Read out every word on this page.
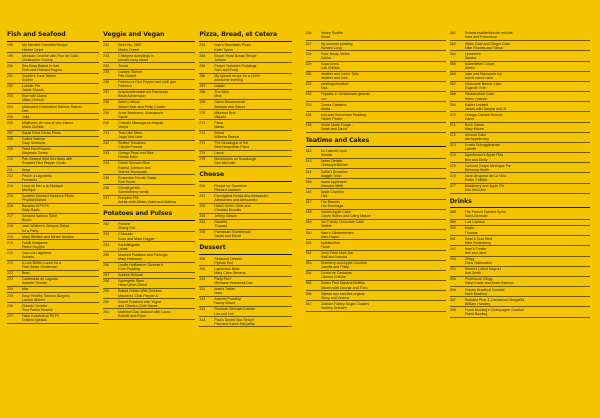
Fish and Seafood
198	My Monster Cannibal Recipe
Hélène Delpé
199	Mexican Ceviche with Pico de Gallo
Christopher Conroy
200	Sea Bass Baked in Salt
Ruth and Richard Rogers
201	Sophie's Tuna Tartare
Sophie
202	Lobster Pie
Jamie Shears
203	Roe with Clams
Milan Chilhole
204	Marinated Celebration Salmon Ramen
Dee
205	Julia
206	Mejillones de roca al vino blanco
Maria Chillida
207	Squid Fried Cedar Plank
208	Grilled Salmon
Gary Simmons
209	Fried Red Prawns
Alejandro Torres
210	Pan-Seared Wild Sea Bass with
Roasted Red Pepper Coulis
211	Anya
212	Pesce a Lagunetta
Fernando
214	Loup de Mer a la Monique
Monique
215	Scottish Smoked Haddock Fillets
Phyllida Barlow
216	Bacalao al Pil Pil
Sally Radic
217	Smoked Salmon Saké
Bruno
218	Jack Whitten's Octopus Salad
for a Party
219	Mary Whitten and Mirsini Amidon
219	Fusilli Kedgeree
Pierre Huyghe
220	Cod a la Lagunera
Antonio
221	A Low British Lunch for a
Fine Swiss Gentleman
222	Bran
223	Caldeirada de Lagosta
Isabelle Goulart
224	Mar
225	Easy Healthy Salmon Burgers
Lauren Weiner
226	Classic Ceviche
Tom Parker Bowles
227	Hake Koksbak Al Pil Pil
Cristina Iglesias
Veggie and Vegan
232	Work No. 2657
Martin Creed
233	Chickpea dumplings in
tomato curry sauce
234	Tomar
235	Garden Sketch
Piet Oudolf
236	Federico's Red Pepper and chilli jam
Federico
237	Artschockensalat mit Parmesan
Beda Achermann
238	Warm Lettuce
Allison Katz and Philip Coulter
239	Arroz Mexicano; Guacamole
Sylvie
240	Chana's Mamaga sa chapati
Veeya
241	Thai-Like Stew
Jaaja Van Lieer
242	Stuffed Tomatoes
Claude Prosser
243	Guingo Peas and Rice
Fineke Bako
244	Greek Spinach Rice
Rashid Johnson and
Sheree Hovsepian
245	Rosemiks Tomato Salad
Rob Smart
246	Gierstegerstin
Schmidtheny family
247	Pumpkin Pile
Adrian with Albion, Adea and Adelina
Potatoes and Pulses
252	Pomme
Zhang Enli
253	Chicuadu
Kazu and Mark Hugger
254	Kartoffelgratin
Lukas
255	Mashed Potatoes and Parsnips
Mary Heilmann
256	Lucille Hoffheimer Schreier's
Corn Pudding
257	Andrea Schwan
258	Synergetic Stew
Hans Ulrich Obrist
259	Baked Potato With Smoked
Mackerel, Chilli Pepper &
260	Sweet Potatoes with Yogurt
and Cilantro-Chile Sauce
261	Matthew Day Jackson with Laura,
Everett and Flynn
Pizza, Bread, et Cetera
263	Ivan's Stochastic Pizza
Keith Tyson
264	Brown Yeast Bread Recipe
Juliana
265	Proper Yorkshire Puddings
Sam and Emily
266	My special recipe for a 100%
awesome evening
267	Dakter
268	The Mick
Mick
269	Swiss Breakebread
Barbara and Gianni
270	Mälzbrot Brot
Viktoria
271	Pizza
Martin
272	Bread
Wilhelm Seanai
273	The Decalogue of the
Best Neapolitan Pizza
274	Laura
275	Mushrooms on Sourdough
Don McCullin
Cheese
290	Recipe for Succeese
Richard Jackson
291	Parmigiana fredda alla Alessandro
Alessandro and Alessandro
292	Hatch Green Chile and
Cheddar Biscuits
293	Jeffrey Gibson
294	Raclette
Thomas
295	Parmesan Shortbreads
Sarah and David
Dessert
308	Seasonal Dessert
Pipilotti Rist
309	Lapinchan Balls
Mary Clare Stevens
310	Party Pav!
Michaela Yearwood-Dan
311	Iwan's Tablet
Iwan
312	Autumn Pudding
Nancy Wood
313	Rhubarb-Streusel-Kuchen
Lea und Uni
314	Paul's Secret Slot Recipe
Paul and Karen McCarthy
326	Honey Souffle
Nicole
327	My summer pudding
Richard Long
328	Flour Booty Jellies
Sasha
329	Sopa Crera
Luis Chillida
330	Heather and Ivan's Trifle
Heather and Ivan
331	Vanillegrotessfluft
Elsa
332	Physalis in Schokolade getunkt
Leo
333	Crema Catalana
Mireia
334	Iron and Gooseman Pudding
Fabien Peake
335	Home Made Fudge...
Sarah and David
Teatime and Cakes
342	As I cannot cook
Nicolas
343	Tartan Details
Christoph Büchel
344	Dottie's Brownies
Maggie Tobin
345	Iwans Appletarte
Manuela Wirth
346	Apple Crumble
Elsa
347	The Biscuits
Kris Tommaga
348	Danish Apple Cake
Calum Sutton and Cathy Mason
349	Our Family Chocolate Cake
Debbie
350	Marc's Glinderbelsen
Marc Raych
351	Apfelkuchen
Paula
352	Deep Fried Mars Bar
Niall and Isandra
353	Blueberry and Apple Crumble
Camilla and Philip
354	Turrón de Castañas
Carmen Chillida
355	Gluten Free Banana Muffins
Steven with George and Theo
356	Gâteau aux carottes organic
Rémy and Verena
357	Graham Family Sugar Cookies
Rodney Graham
362	Schwarzwälderkirsche mit Alte
Sara and Francesca
363	Warm Date and Ginger Cake
Mike Rhodes and Simon
364	Limoncine
Sandra
365	Autheilleten Crispe
Aileen
366	Iwan and Manuela's top
secret carrot cake
367	Chocolate Biscuit Cake
Eugenie York
368	Passionsfruit Cake
Helen Chanan
369	Easter Leckerli
James with Sandra and Jil
370	Orange-Currant Scones
Karen
371	Rock Cakes
Mary Moore
372	Almond Cake
Ida Appelbroeg
373	Grosis Schoggikuchen
Lisbeth
374	Agnetmann's Apple Pies
Ben and Emily
375	Concord Grape Meringue Pie
Rebecca Smith
376	Tarte de queso de La Viña
Pedro Chillida
377	Blackberry and Apple Pie
Don McCullin
Drinks
388	The French Twisted Sprite
Saint-Germain
389	Luis Laplace
390	Mojito
Thomas
391	Sean's Sour Rind
Mike Rottenberg
392	Iwan's Trinkle
Neil and Jane
393	Glögg
Flora Yukhnovich
394	Simon's Lethal Negroni
Ann Smith
395	Professore Glögg
Caryl Crane and Bram Kapnow
396	Classic Bradford Cocktail
Mark Bradford
397	Roasted Pear & Cardamom Margarita
William Hundley
398	Frank Bowling's Champagne Cocktail
Frank Bowling
